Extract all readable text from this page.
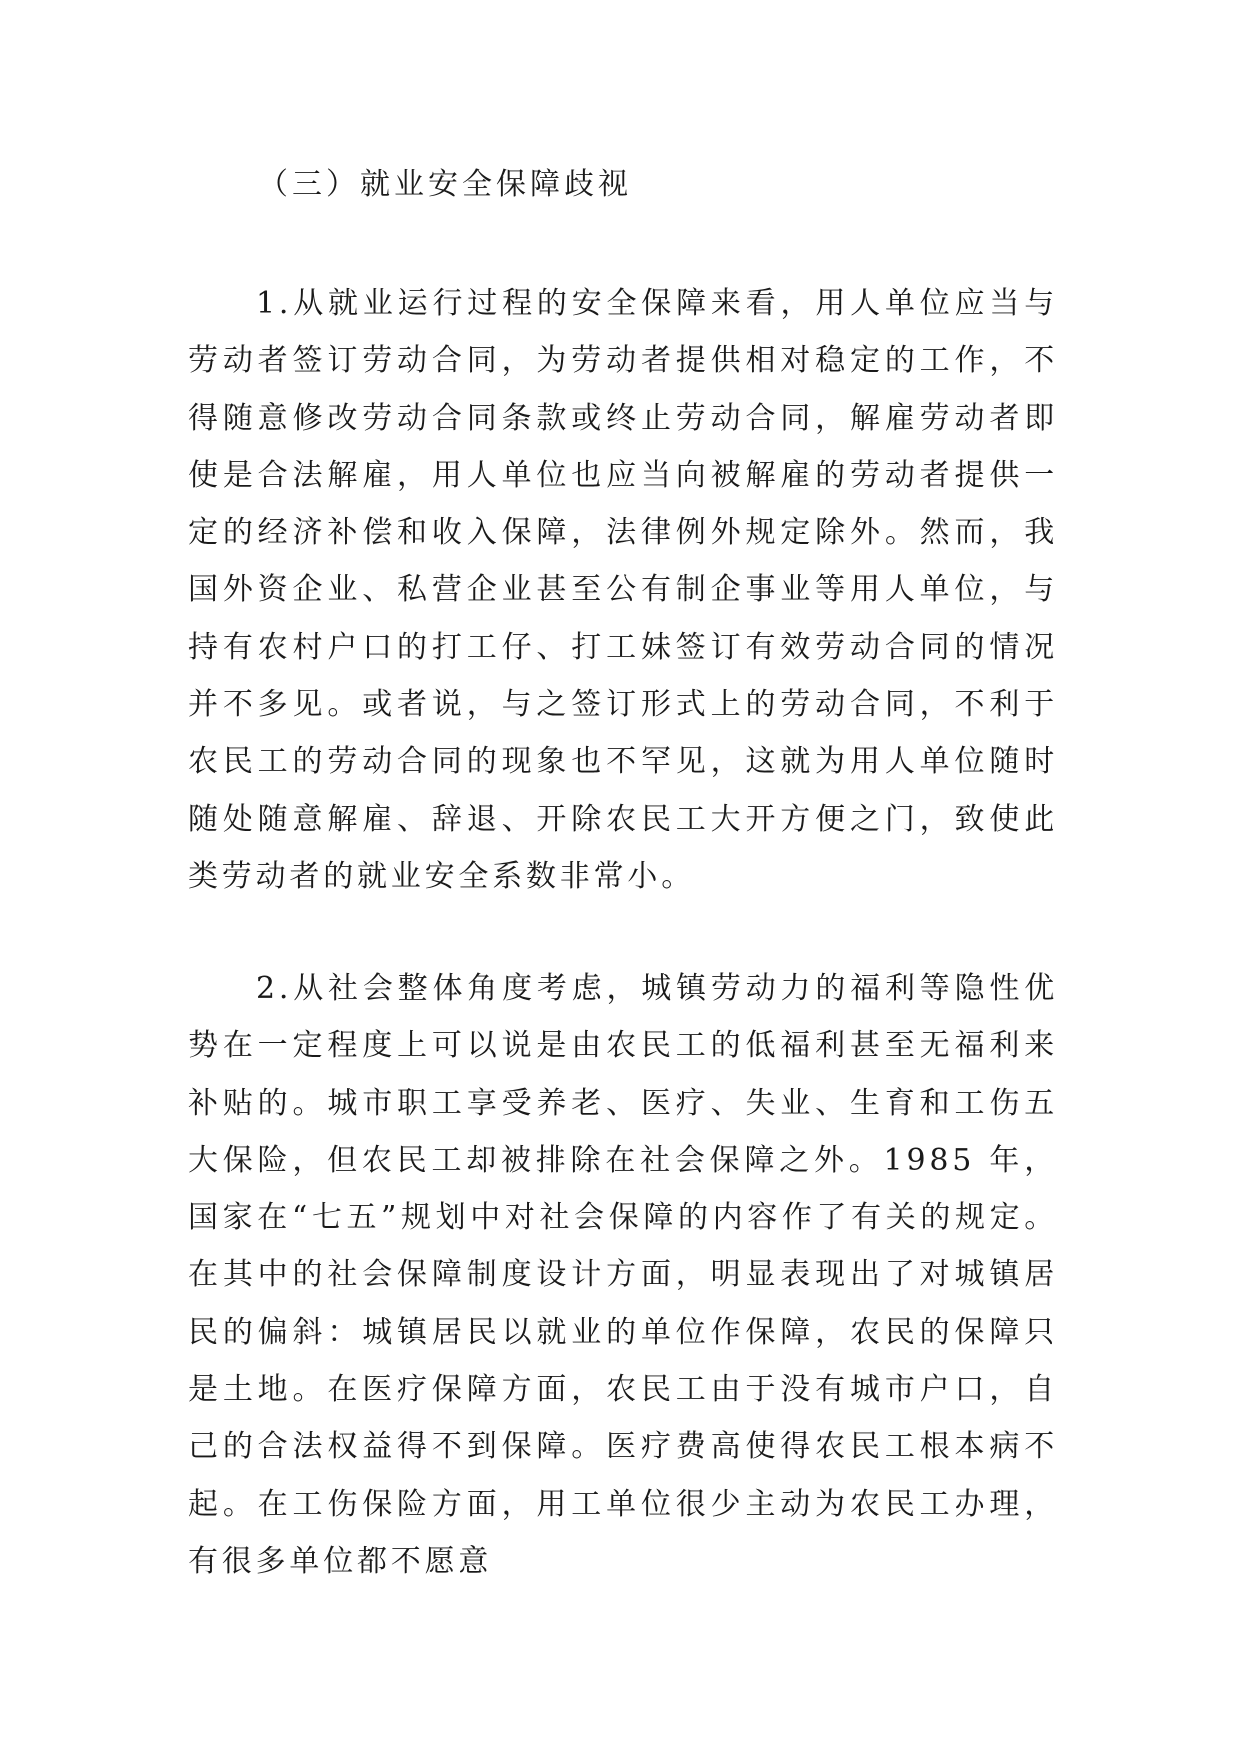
（三）就业安全保障歧视

1.从就业运行过程的安全保障来看，用人单位应当与劳动者签订劳动合同，为劳动者提供相对稳定的工作，不得随意修改劳动合同条款或终止劳动合同，解雇劳动者即使是合法解雇，用人单位也应当向被解雇的劳动者提供一定的经济补偿和收入保障，法律例外规定除外。然而，我国外资企业、私营企业甚至公有制企事业等用人单位，与持有农村户口的打工仔、打工妹签订有效劳动合同的情况并不多见。或者说，与之签订形式上的劳动合同，不利于农民工的劳动合同的现象也不罕见，这就为用人单位随时随处随意解雇、辞退、开除农民工大开方便之门，致使此类劳动者的就业安全系数非常小。

2.从社会整体角度考虑，城镇劳动力的福利等隐性优势在一定程度上可以说是由农民工的低福利甚至无福利来补贴的。城市职工享受养老、医疗、失业、生育和工伤五大保险，但农民工却被排除在社会保障之外。1985 年，国家在“七五”规划中对社会保障的内容作了有关的规定。在其中的社会保障制度设计方面，明显表现出了对城镇居民的偏斜：城镇居民以就业的单位作保障，农民的保障只是土地。在医疗保障方面，农民工由于没有城市户口，自己的合法权益得不到保障。医疗费高使得农民工根本病不起。在工伤保险方面，用工单位很少主动为农民工办理，有很多单位都不愿意
